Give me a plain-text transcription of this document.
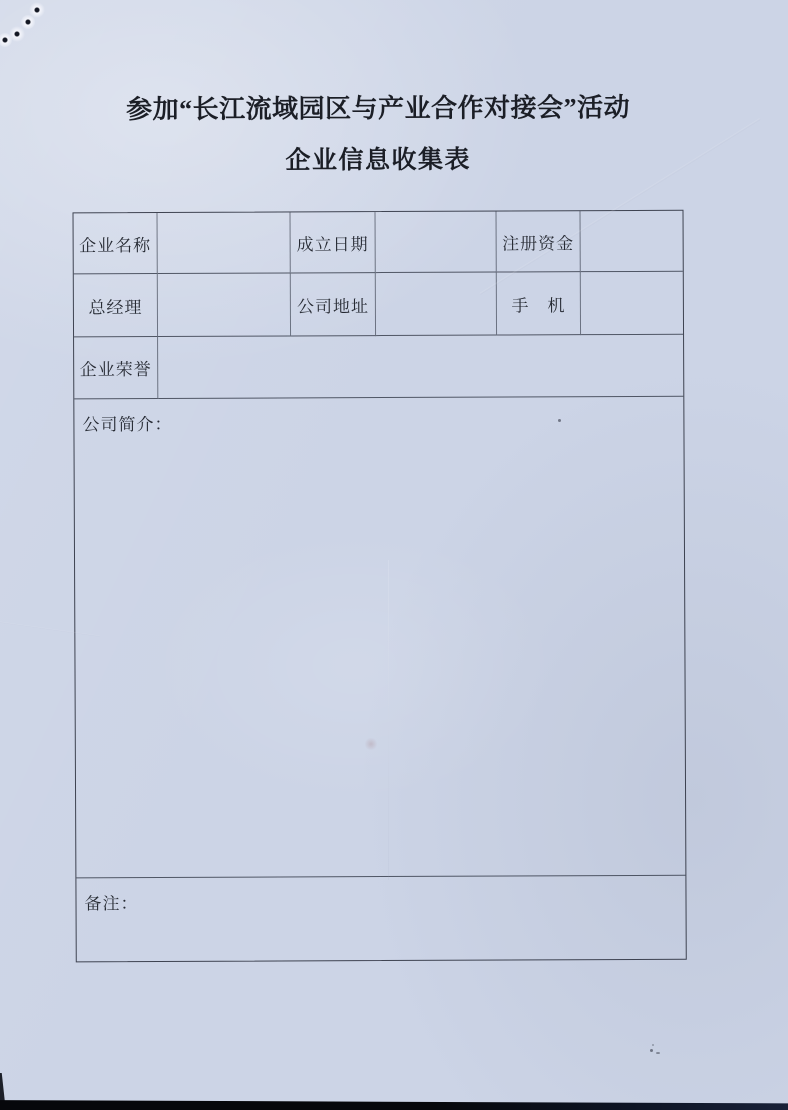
参加“长江流域园区与产业合作对接会”活动
企业信息收集表
企业名称	成立日期	注册资金
总经理	公司地址	手　机
企业荣誉
公司简介：
备注：
